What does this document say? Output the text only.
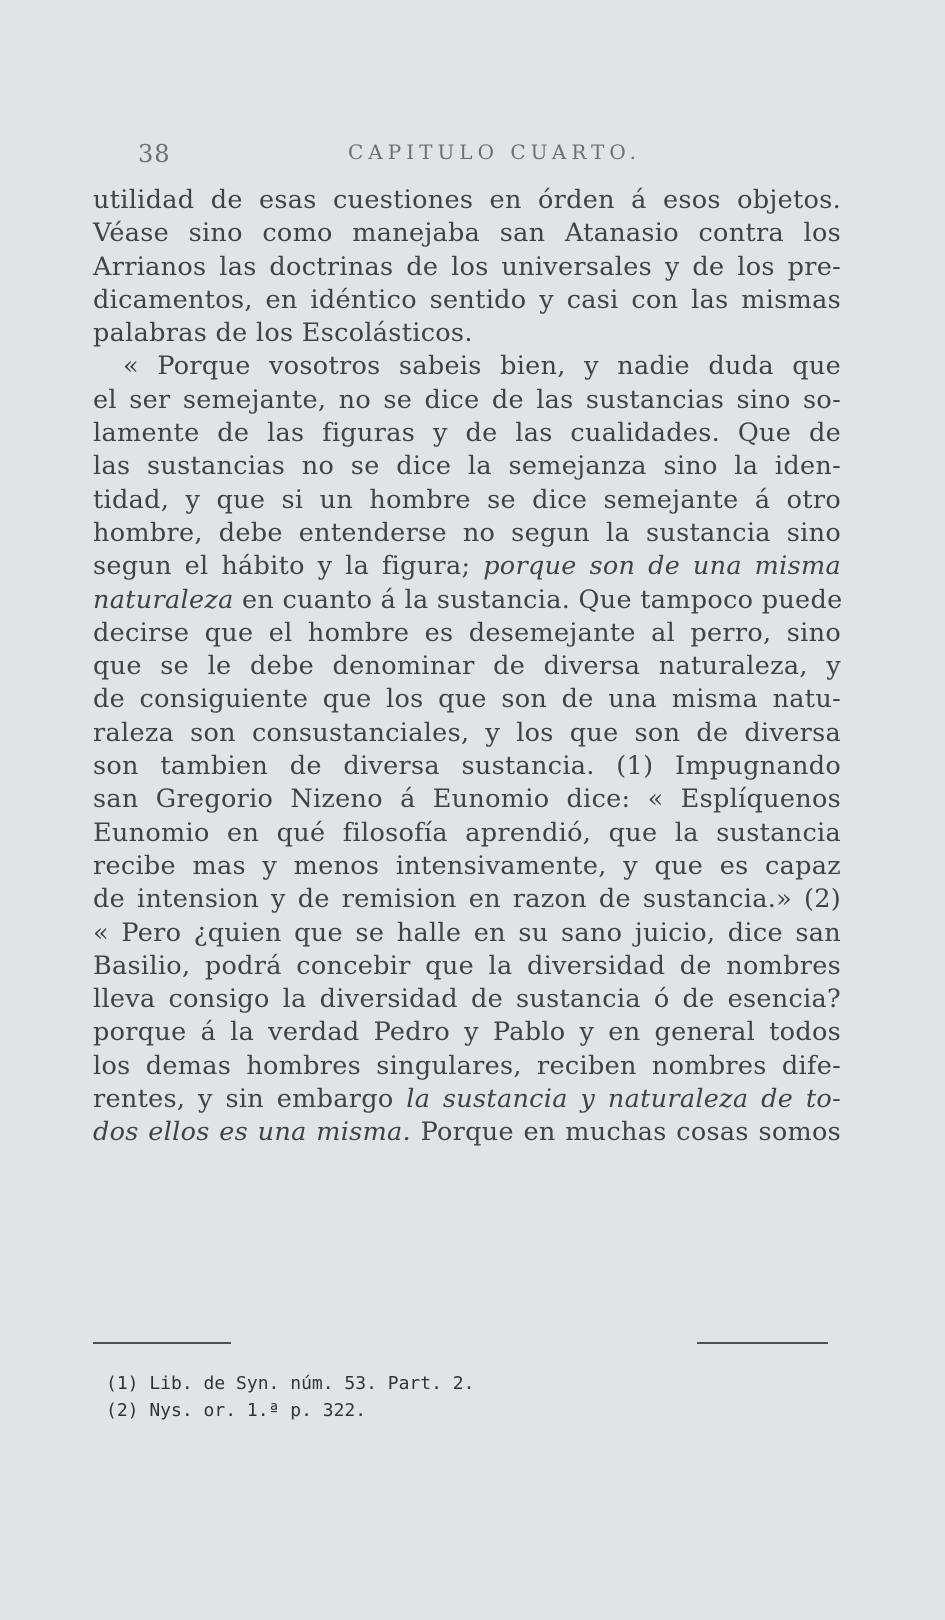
38	CAPITULO CUARTO.
utilidad de esas cuestiones en órden á esos objetos.
Véase sino como manejaba san Atanasio contra los
Arrianos las doctrinas de los universales y de los pre-
dicamentos, en idéntico sentido y casi con las mismas
palabras de los Escolásticos.
« Porque vosotros sabeis bien, y nadie duda que
el ser semejante, no se dice de las sustancias sino so-
lamente de las figuras y de las cualidades. Que de
las sustancias no se dice la semejanza sino la iden-
tidad, y que si un hombre se dice semejante á otro
hombre, debe entenderse no segun la sustancia sino
segun el hábito y la figura; porque son de una misma
naturaleza en cuanto á la sustancia. Que tampoco puede
decirse que el hombre es desemejante al perro, sino
que se le debe denominar de diversa naturaleza, y
de consiguiente que los que son de una misma natu-
raleza son consustanciales, y los que son de diversa
son tambien de diversa sustancia. (1) Impugnando
san Gregorio Nizeno á Eunomio dice: « Esplíquenos
Eunomio en qué filosofía aprendió, que la sustancia
recibe mas y menos intensivamente, y que es capaz
de intension y de remision en razon de sustancia.» (2)
« Pero ¿quien que se halle en su sano juicio, dice san
Basilio, podrá concebir que la diversidad de nombres
lleva consigo la diversidad de sustancia ó de esencia?
porque á la verdad Pedro y Pablo y en general todos
los demas hombres singulares, reciben nombres dife-
rentes, y sin embargo la sustancia y naturaleza de to-
dos ellos es una misma. Porque en muchas cosas somos
(1) Lib. de Syn. núm. 53. Part. 2.
(2) Nys. or. 1.ª p. 322.
